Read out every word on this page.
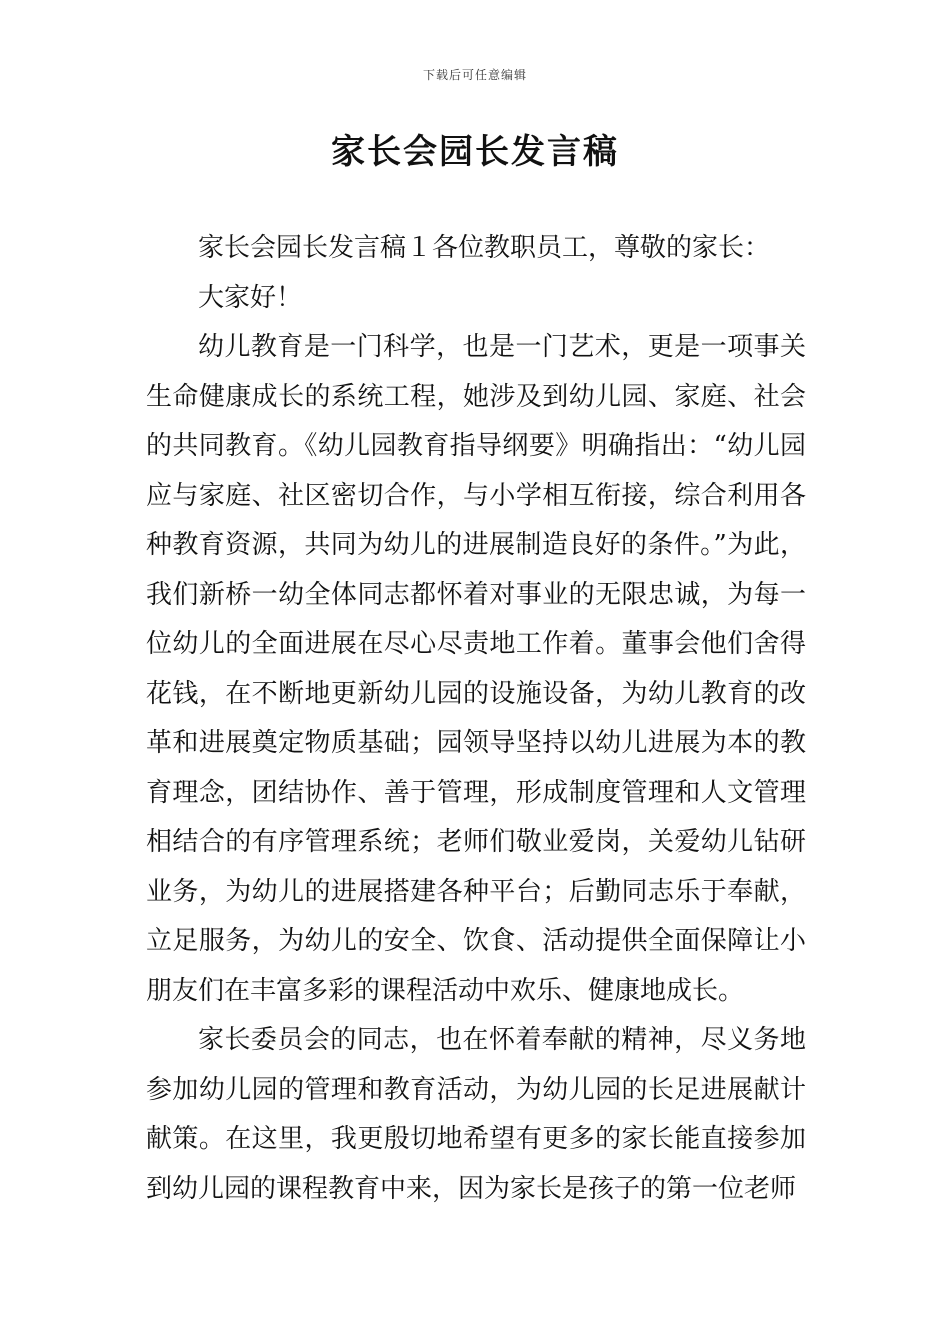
下载后可任意编辑
家长会园长发言稿

家长会园长发言稿１各位教职员工，尊敬的家长：

大家好！

幼儿教育是一门科学，也是一门艺术，更是一项事关生命健康成长的系统工程，她涉及到幼儿园、家庭、社会的共同教育。《幼儿园教育指导纲要》明确指出：“幼儿园应与家庭、社区密切合作，与小学相互衔接，综合利用各种教育资源，共同为幼儿的进展制造良好的条件。”为此，我们新桥一幼全体同志都怀着对事业的无限忠诚，为每一位幼儿的全面进展在尽心尽责地工作着。董事会他们舍得花钱，在不断地更新幼儿园的设施设备，为幼儿教育的改革和进展奠定物质基础；园领导坚持以幼儿进展为本的教育理念，团结协作、善于管理，形成制度管理和人文管理相结合的有序管理系统；老师们敬业爱岗，关爱幼儿钻研业务，为幼儿的进展搭建各种平台；后勤同志乐于奉献，立足服务，为幼儿的安全、饮食、活动提供全面保障让小朋友们在丰富多彩的课程活动中欢乐、健康地成长。

家长委员会的同志，也在怀着奉献的精神，尽义务地参加幼儿园的管理和教育活动，为幼儿园的长足进展献计献策。在这里，我更殷切地希望有更多的家长能直接参加到幼儿园的课程教育中来，因为家长是孩子的第一位老师
